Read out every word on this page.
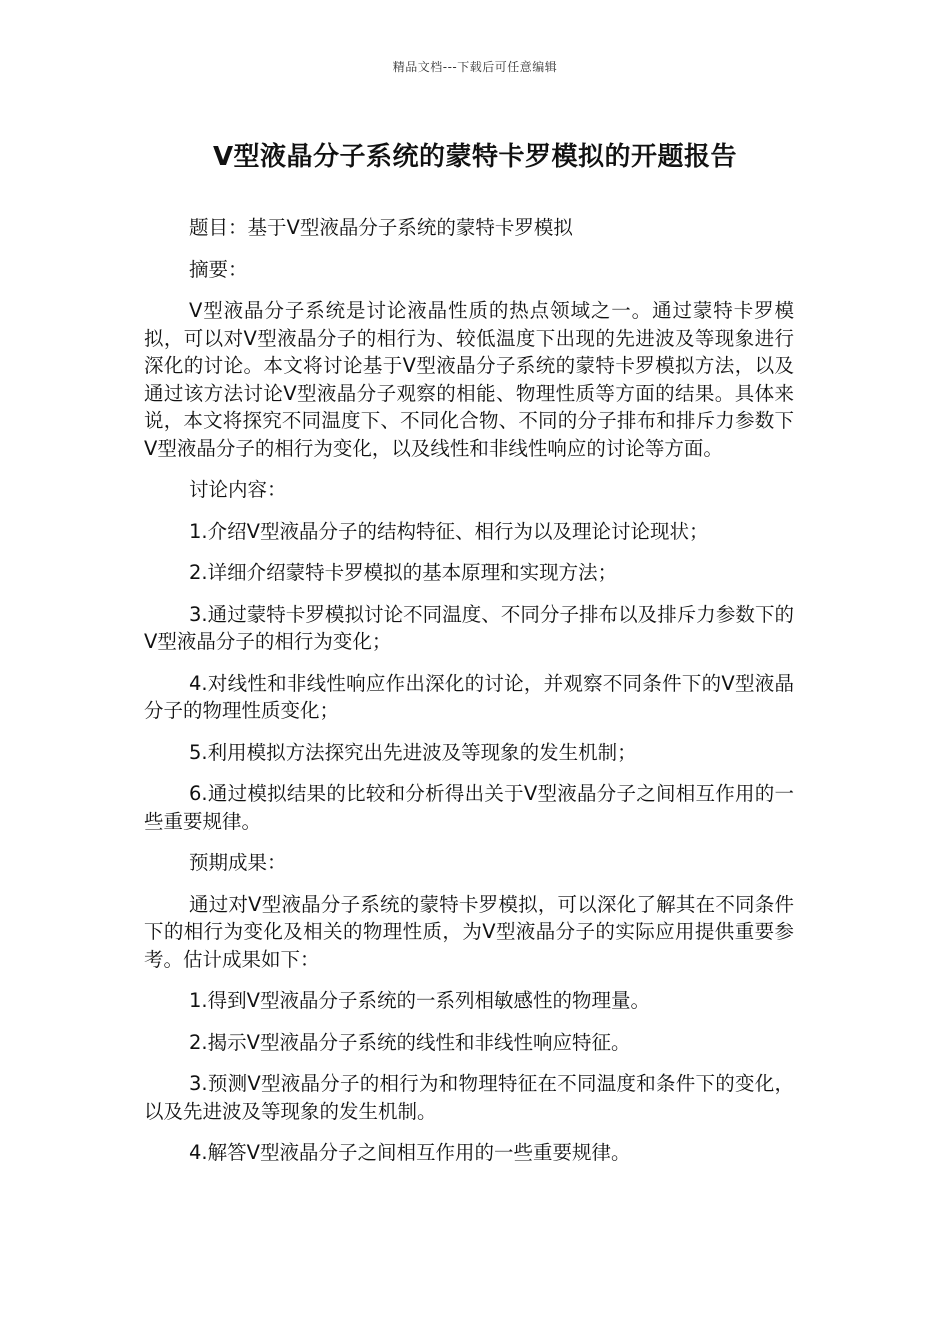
精品文档---下载后可任意编辑
V型液晶分子系统的蒙特卡罗模拟的开题报告

题目：基于V型液晶分子系统的蒙特卡罗模拟

摘要：

V型液晶分子系统是讨论液晶性质的热点领域之一。通过蒙特卡罗模拟，可以对V型液晶分子的相行为、较低温度下出现的先进波及等现象进行深化的讨论。本文将讨论基于V型液晶分子系统的蒙特卡罗模拟方法，以及通过该方法讨论V型液晶分子观察的相能、物理性质等方面的结果。具体来说，本文将探究不同温度下、不同化合物、不同的分子排布和排斥力参数下V型液晶分子的相行为变化，以及线性和非线性响应的讨论等方面。

讨论内容：

1.介绍V型液晶分子的结构特征、相行为以及理论讨论现状；

2.详细介绍蒙特卡罗模拟的基本原理和实现方法；

3.通过蒙特卡罗模拟讨论不同温度、不同分子排布以及排斥力参数下的V型液晶分子的相行为变化；

4.对线性和非线性响应作出深化的讨论，并观察不同条件下的V型液晶分子的物理性质变化；

5.利用模拟方法探究出先进波及等现象的发生机制；

6.通过模拟结果的比较和分析得出关于V型液晶分子之间相互作用的一些重要规律。

预期成果：

通过对V型液晶分子系统的蒙特卡罗模拟，可以深化了解其在不同条件下的相行为变化及相关的物理性质，为V型液晶分子的实际应用提供重要参考。估计成果如下：

1.得到V型液晶分子系统的一系列相敏感性的物理量。

2.揭示V型液晶分子系统的线性和非线性响应特征。

3.预测V型液晶分子的相行为和物理特征在不同温度和条件下的变化，以及先进波及等现象的发生机制。

4.解答V型液晶分子之间相互作用的一些重要规律。
